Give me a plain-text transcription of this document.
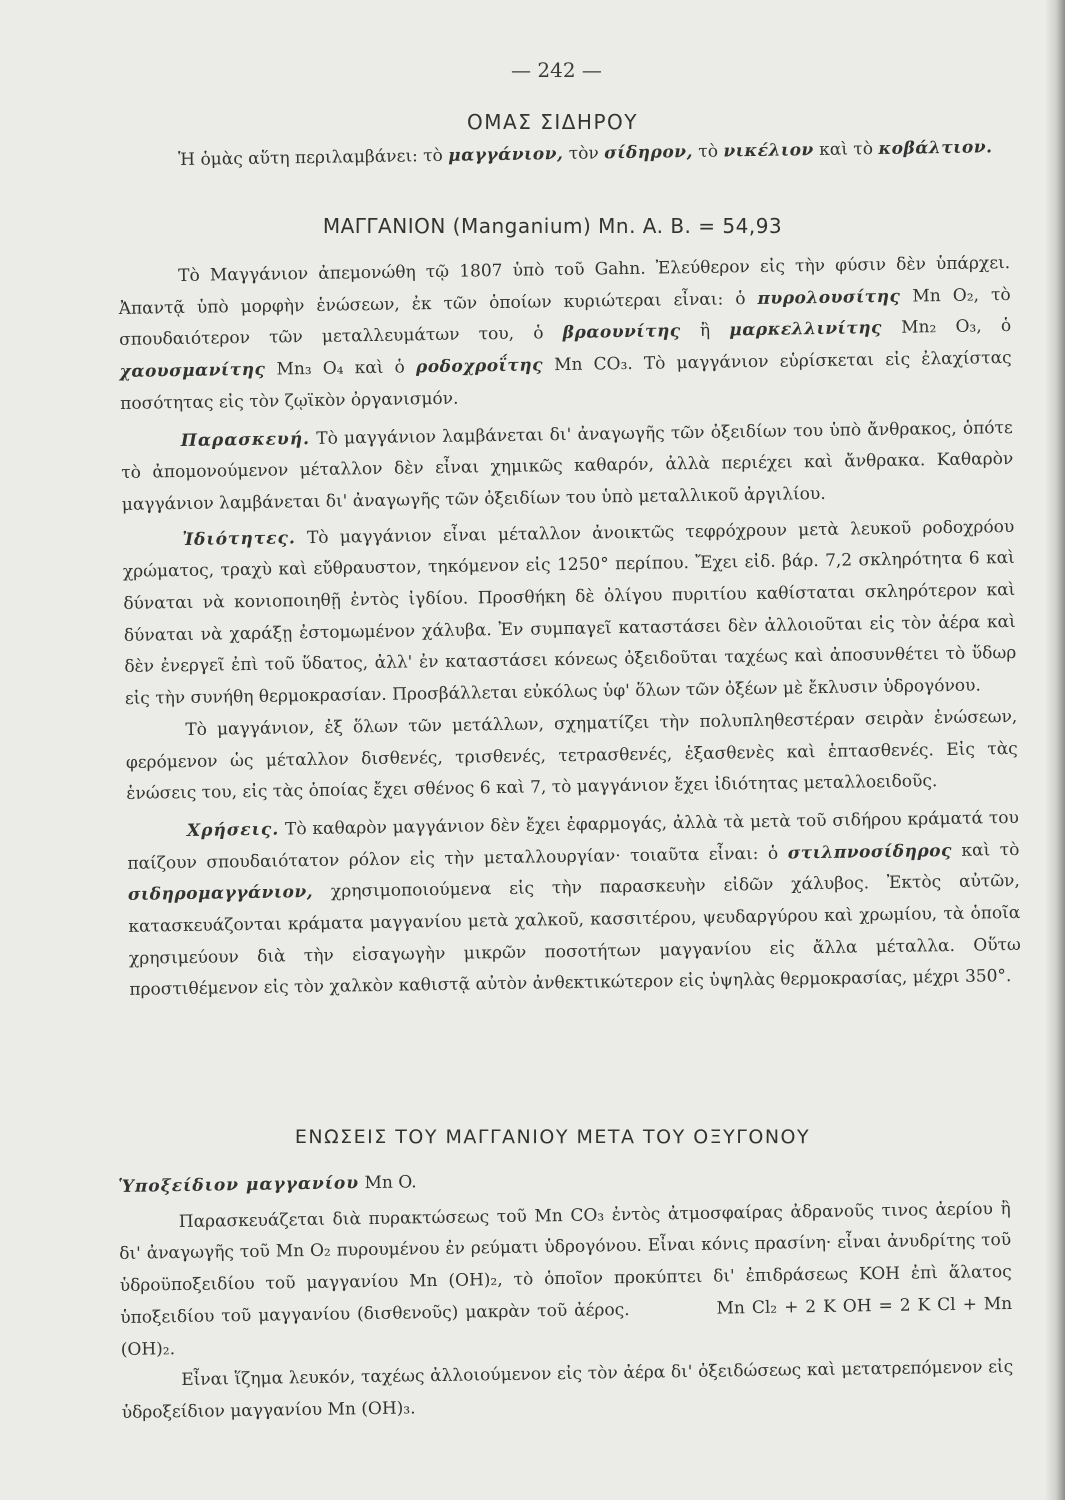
— 242 —
ΟΜΑΣ ΣΙΔΗΡΟΥ

Ἡ ὁμὰς αὕτη περιλαμβάνει: τὸ μαγγάνιον, τὸν σίδηρον, τὸ νικέλιον καὶ τὸ κοβάλτιον.

ΜΑΓΓΑΝΙΟΝ (Manganium) Mn. A. B. = 54,93

Τὸ Μαγγάνιον ἀπεμονώθη τῷ 1807 ὑπὸ τοῦ Gahn. Ἐλεύθερον εἰς τὴν φύσιν δὲν ὑπάρχει. Ἀπαντᾷ ὑπὸ μορφὴν ἑνώσεων, ἐκ τῶν ὁποίων κυριώτεραι εἶναι: ὁ πυρολουσίτης Mn O₂, τὸ σπουδαιότερον τῶν μεταλλευμάτων του, ὁ βραουνίτης ἢ μαρκελλινίτης Mn₂ O₃, ὁ χαουσμανίτης Mn₃ O₄ καὶ ὁ ροδοχροΐτης Mn CO₃. Τὸ μαγγάνιον εὑρίσκεται εἰς ἐλαχίστας ποσότητας εἰς τὸν ζῳϊκὸν ὀργανισμόν.

Παρασκευή. Τὸ μαγγάνιον λαμβάνεται δι' ἀναγωγῆς τῶν ὀξειδίων του ὑπὸ ἄνθρακος, ὁπότε τὸ ἀπομονούμενον μέταλλον δὲν εἶναι χημικῶς καθαρόν, ἀλλὰ περιέχει καὶ ἄνθρακα. Καθαρὸν μαγγάνιον λαμβάνεται δι' ἀναγωγῆς τῶν ὀξειδίων του ὑπὸ μεταλλικοῦ ἀργιλίου.

Ἰδιότητες. Τὸ μαγγάνιον εἶναι μέταλλον ἀνοικτῶς τεφρόχρουν μετὰ λευκοῦ ροδοχρόου χρώματος, τραχὺ καὶ εὔθραυστον, τηκόμενον εἰς 1250° περίπου. Ἔχει εἰδ. βάρ. 7,2 σκληρότητα 6 καὶ δύναται νὰ κονιοποιηθῇ ἐντὸς ἰγδίου. Προσθήκη δὲ ὀλίγου πυριτίου καθίσταται σκληρότερον καὶ δύναται νὰ χαράξῃ ἐστομωμένον χάλυβα. Ἐν συμπαγεῖ καταστάσει δὲν ἀλλοιοῦται εἰς τὸν ἀέρα καὶ δὲν ἐνεργεῖ ἐπὶ τοῦ ὕδατος, ἀλλ' ἐν καταστάσει κόνεως ὀξειδοῦται ταχέως καὶ ἀποσυνθέτει τὸ ὕδωρ εἰς τὴν συνήθη θερμοκρασίαν. Προσβάλλεται εὐκόλως ὑφ' ὅλων τῶν ὀξέων μὲ ἔκλυσιν ὑδρογόνου.

Τὸ μαγγάνιον, ἐξ ὅλων τῶν μετάλλων, σχηματίζει τὴν πολυπληθεστέραν σειρὰν ἑνώσεων, φερόμενον ὡς μέταλλον δισθενές, τρισθενές, τετρασθενές, ἑξασθενὲς καὶ ἑπτασθενές. Εἰς τὰς ἑνώσεις του, εἰς τὰς ὁποίας ἔχει σθένος 6 καὶ 7, τὸ μαγγάνιον ἔχει ἰδιότητας μεταλλοειδοῦς.

Χρήσεις. Τὸ καθαρὸν μαγγάνιον δὲν ἔχει ἐφαρμογάς, ἀλλὰ τὰ μετὰ τοῦ σιδήρου κράματά του παίζουν σπουδαιότατον ρόλον εἰς τὴν μεταλλουργίαν· τοιαῦτα εἶναι: ὁ στιλπνοσίδηρος καὶ τὸ σιδηρομαγγάνιον, χρησιμοποιούμενα εἰς τὴν παρασκευὴν εἰδῶν χάλυβος. Ἐκτὸς αὐτῶν, κατασκευάζονται κράματα μαγγανίου μετὰ χαλκοῦ, κασσιτέρου, ψευδαργύρου καὶ χρωμίου, τὰ ὁποῖα χρησιμεύουν διὰ τὴν εἰσαγωγὴν μικρῶν ποσοτήτων μαγγανίου εἰς ἄλλα μέταλλα. Οὕτω προστιθέμενον εἰς τὸν χαλκὸν καθιστᾷ αὐτὸν ἀνθεκτικώτερον εἰς ὑψηλὰς θερμοκρασίας, μέχρι 350°.

ΕΝΩΣΕΙΣ ΤΟΥ ΜΑΓΓΑΝΙΟΥ ΜΕΤΑ ΤΟΥ ΟΞΥΓΟΝΟΥ

Ὑποξείδιον μαγγανίου Mn O.

Παρασκευάζεται διὰ πυρακτώσεως τοῦ Mn CO₃ ἐντὸς ἀτμοσφαίρας ἀδρανοῦς τινος ἀερίου ἢ δι' ἀναγωγῆς τοῦ Mn O₂ πυρουμένου ἐν ρεύματι ὑδρογόνου. Εἶναι κόνις πρασίνη· εἶναι ἀνυδρίτης τοῦ ὑδροϋποξειδίου τοῦ μαγγανίου Mn (OH)₂, τὸ ὁποῖον προκύπτει δι' ἐπιδράσεως KOH ἐπὶ ἅλατος ὑποξειδίου τοῦ μαγγανίου (δισθενοῦς) μακρὰν τοῦ ἀέρος.	Mn Cl₂ + 2 K OH = 2 K Cl + Mn (OH)₂.

Εἶναι ἵζημα λευκόν, ταχέως ἀλλοιούμενον εἰς τὸν ἀέρα δι' ὀξειδώσεως καὶ μετατρεπόμενον εἰς ὑδροξείδιον μαγγανίου Mn (OH)₃.
